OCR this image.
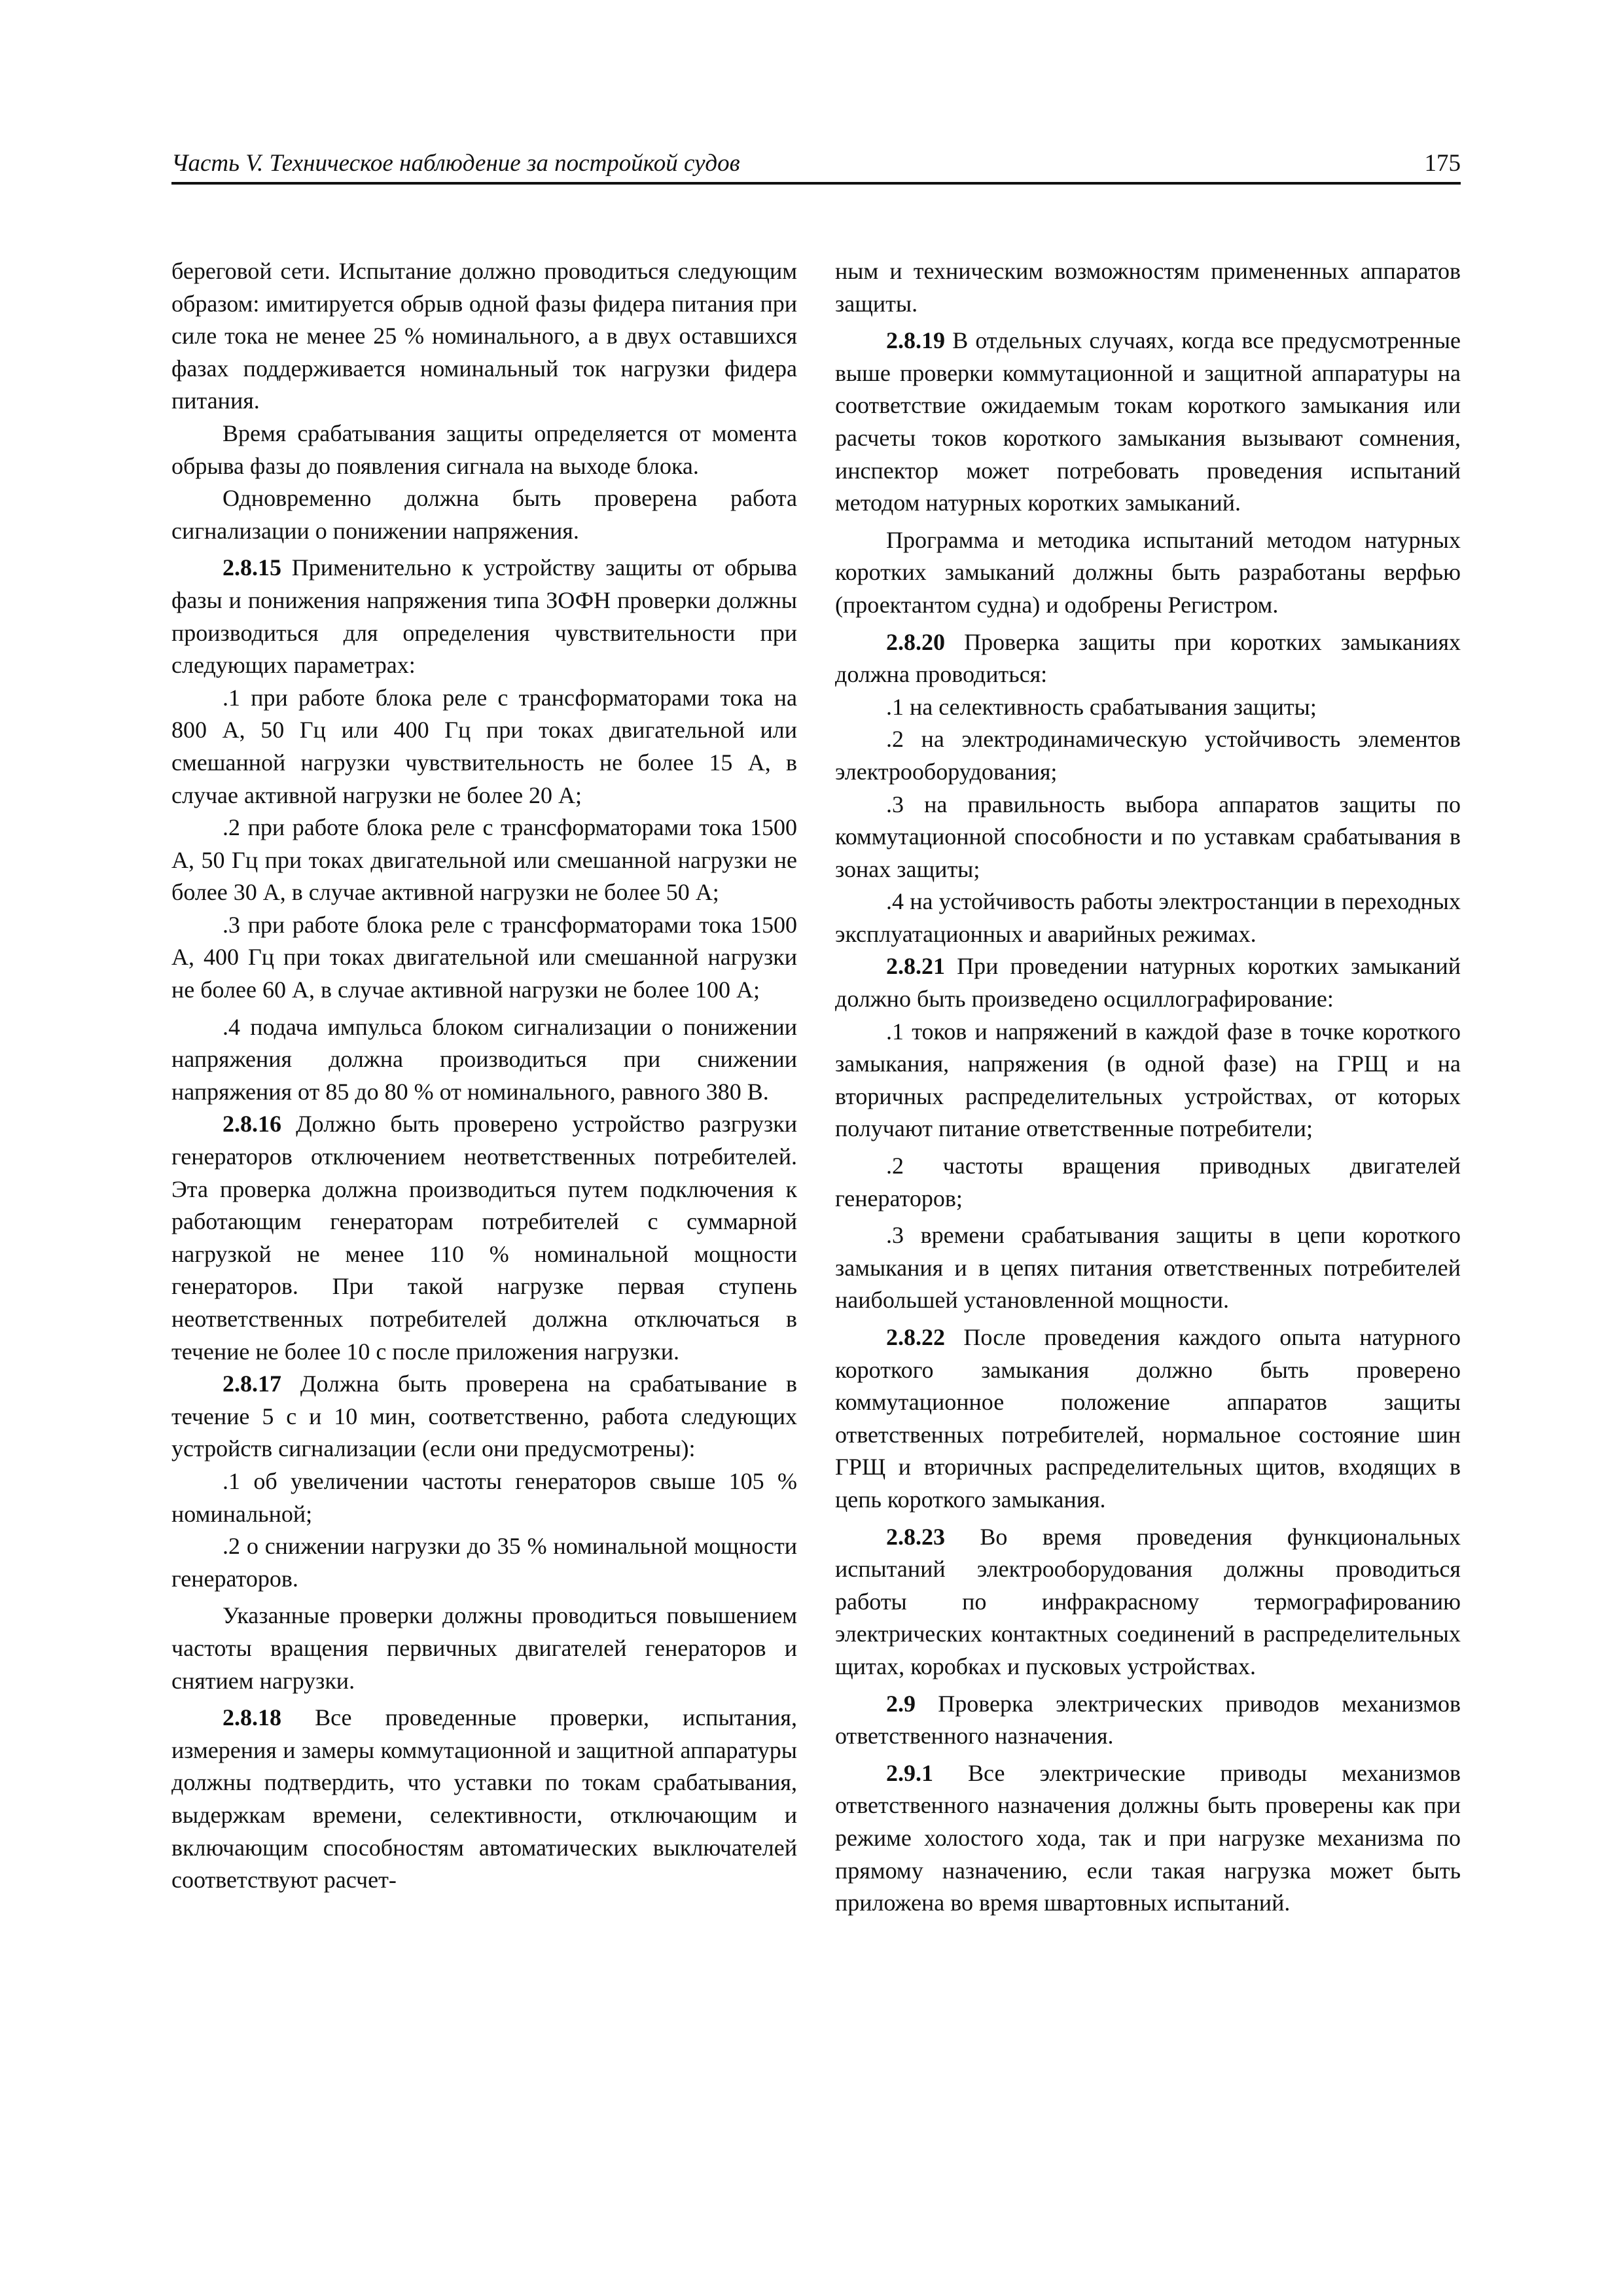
Часть V. Техническое наблюдение за постройкой судов	175

береговой сети. Испытание должно проводиться следующим образом: имитируется обрыв одной фазы фидера питания при силе тока не менее 25 % номинального, а в двух оставшихся фазах поддерживается номинальный ток нагрузки фидера питания.

Время срабатывания защиты определяется от момента обрыва фазы до появления сигнала на выходе блока.

Одновременно должна быть проверена работа сигнализации о понижении напряжения.

2.8.15 Применительно к устройству защиты от обрыва фазы и понижения напряжения типа ЗОФН проверки должны производиться для определения чувствительности при следующих параметрах:

.1 при работе блока реле с трансформаторами тока на 800 А, 50 Гц или 400 Гц при токах двигательной или смешанной нагрузки чувствительность не более 15 А, в случае активной нагрузки не более 20 А;

.2 при работе блока реле с трансформаторами тока 1500 А, 50 Гц при токах двигательной или смешанной нагрузки не более 30 А, в случае активной нагрузки не более 50 А;

.3 при работе блока реле с трансформаторами тока 1500 А, 400 Гц при токах двигательной или смешанной нагрузки не более 60 А, в случае активной нагрузки не более 100 А;

.4 подача импульса блоком сигнализации о понижении напряжения должна производиться при снижении напряжения от 85 до 80 % от номинального, равного 380 В.

2.8.16 Должно быть проверено устройство разгрузки генераторов отключением неответственных потребителей. Эта проверка должна производиться путем подключения к работающим генераторам потребителей с суммарной нагрузкой не менее 110 % номинальной мощности генераторов. При такой нагрузке первая ступень неответственных потребителей должна отключаться в течение не более 10 с после приложения нагрузки.

2.8.17 Должна быть проверена на срабатывание в течение 5 с и 10 мин, соответственно, работа следующих устройств сигнализации (если они предусмотрены):

.1 об увеличении частоты генераторов свыше 105 % номинальной;

.2 о снижении нагрузки до 35 % номинальной мощности генераторов.

Указанные проверки должны проводиться повышением частоты вращения первичных двигателей генераторов и снятием нагрузки.

2.8.18 Все проведенные проверки, испытания, измерения и замеры коммутационной и защитной аппаратуры должны подтвердить, что уставки по токам срабатывания, выдержкам времени, селективности, отключающим и включающим способностям автоматических выключателей соответствуют расчет-

ным и техническим возможностям примененных аппаратов защиты.

2.8.19 В отдельных случаях, когда все предусмотренные выше проверки коммутационной и защитной аппаратуры на соответствие ожидаемым токам короткого замыкания или расчеты токов короткого замыкания вызывают сомнения, инспектор может потребовать проведения испытаний методом натурных коротких замыканий.

Программа и методика испытаний методом натурных коротких замыканий должны быть разработаны верфью (проектантом судна) и одобрены Регистром.

2.8.20 Проверка защиты при коротких замыканиях должна проводиться:

.1 на селективность срабатывания защиты;

.2 на электродинамическую устойчивость элементов электрооборудования;

.3 на правильность выбора аппаратов защиты по коммутационной способности и по уставкам срабатывания в зонах защиты;

.4 на устойчивость работы электростанции в переходных эксплуатационных и аварийных режимах.

2.8.21 При проведении натурных коротких замыканий должно быть произведено осциллографирование:

.1 токов и напряжений в каждой фазе в точке короткого замыкания, напряжения (в одной фазе) на ГРЩ и на вторичных распределительных устройствах, от которых получают питание ответственные потребители;

.2 частоты вращения приводных двигателей генераторов;

.3 времени срабатывания защиты в цепи короткого замыкания и в цепях питания ответственных потребителей наибольшей установленной мощности.

2.8.22 После проведения каждого опыта натурного короткого замыкания должно быть проверено коммутационное положение аппаратов защиты ответственных потребителей, нормальное состояние шин ГРЩ и вторичных распределительных щитов, входящих в цепь короткого замыкания.

2.8.23 Во время проведения функциональных испытаний электрооборудования должны проводиться работы по инфракрасному термографированию электрических контактных соединений в распределительных щитах, коробках и пусковых устройствах.

2.9 Проверка электрических приводов механизмов ответственного назначения.

2.9.1 Все электрические приводы механизмов ответственного назначения должны быть проверены как при режиме холостого хода, так и при нагрузке механизма по прямому назначению, если такая нагрузка может быть приложена во время швартовных испытаний.
